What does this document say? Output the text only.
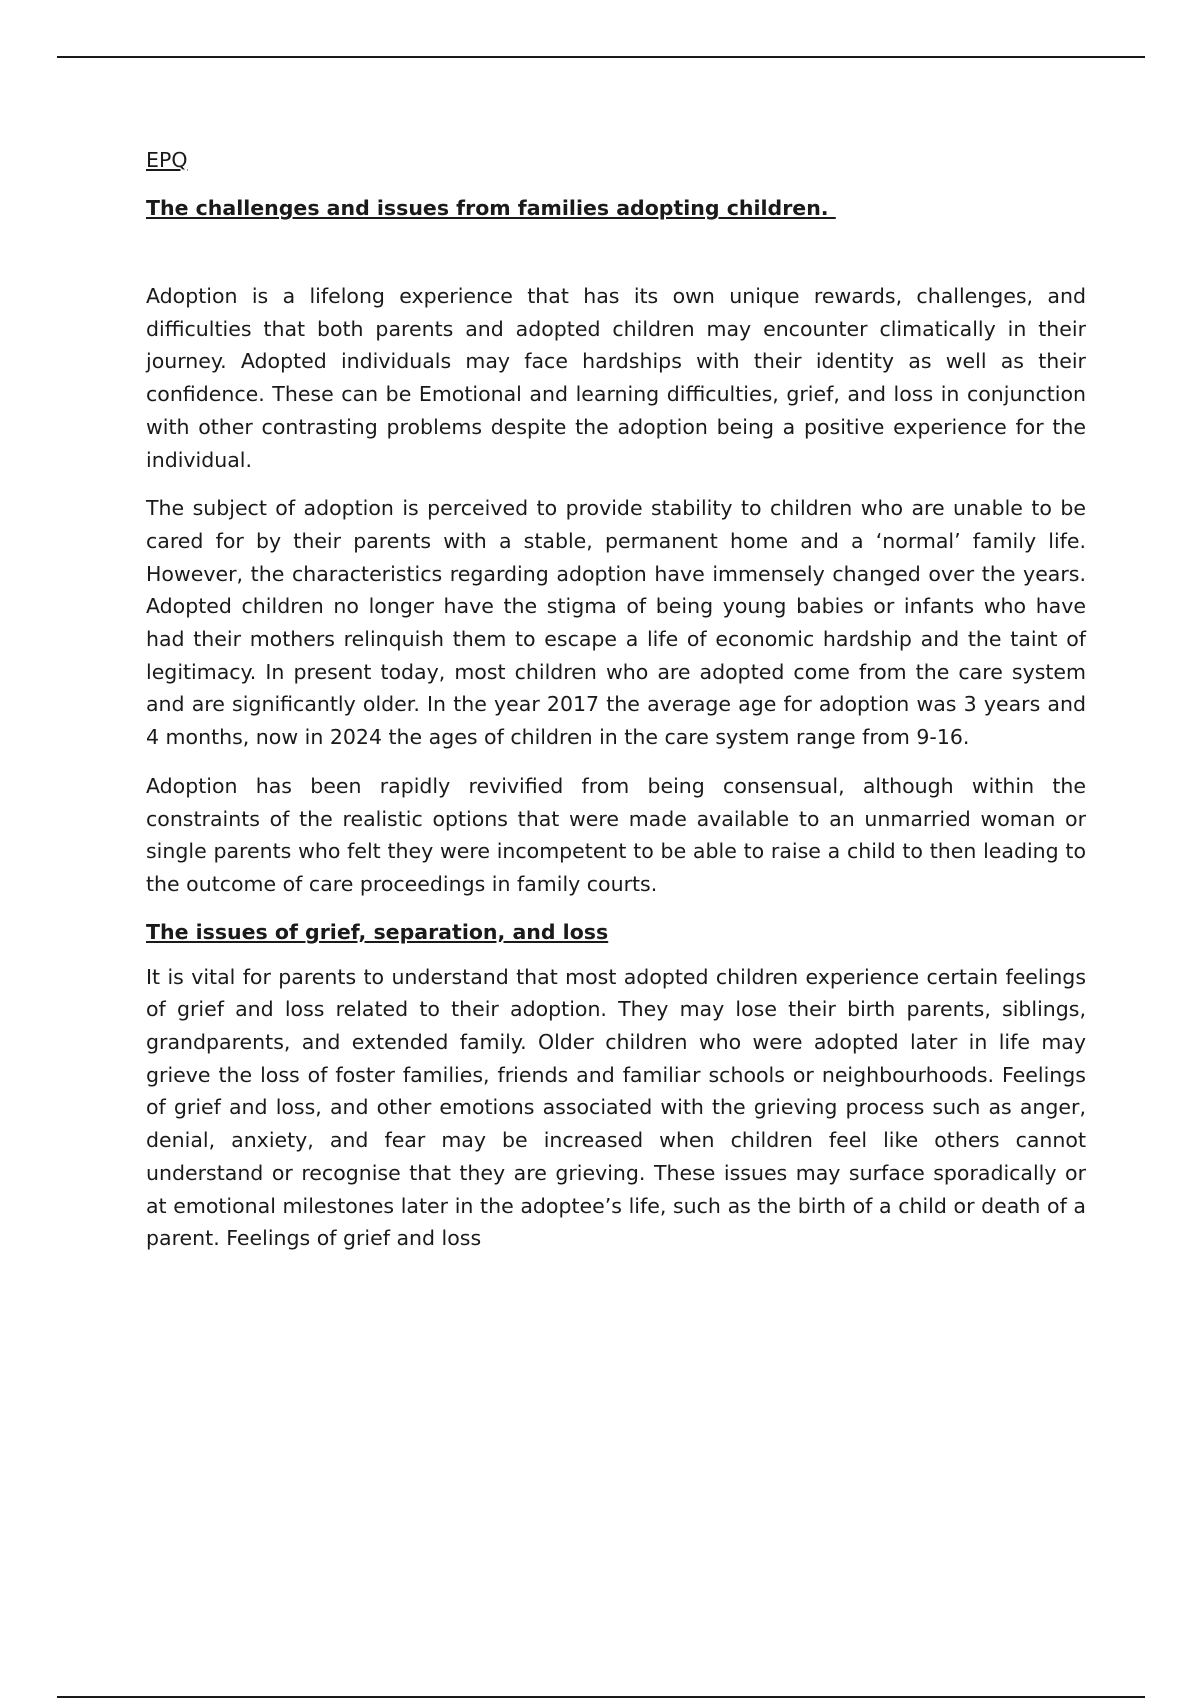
EPQ

The challenges and issues from families adopting children.

Adoption is a lifelong experience that has its own unique rewards, challenges, and difficulties that both parents and adopted children may encounter climatically in their journey. Adopted individuals may face hardships with their identity as well as their confidence. These can be Emotional and learning difficulties, grief, and loss in conjunction with other contrasting problems despite the adoption being a positive experience for the individual.

The subject of adoption is perceived to provide stability to children who are unable to be cared for by their parents with a stable, permanent home and a ‘normal’ family life. However, the characteristics regarding adoption have immensely changed over the years. Adopted children no longer have the stigma of being young babies or infants who have had their mothers relinquish them to escape a life of economic hardship and the taint of legitimacy. In present today, most children who are adopted come from the care system and are significantly older. In the year 2017 the average age for adoption was 3 years and 4 months, now in 2024 the ages of children in the care system range from 9-16.

Adoption has been rapidly revivified from being consensual, although within the constraints of the realistic options that were made available to an unmarried woman or single parents who felt they were incompetent to be able to raise a child to then leading to the outcome of care proceedings in family courts.

The issues of grief, separation, and loss

It is vital for parents to understand that most adopted children experience certain feelings of grief and loss related to their adoption. They may lose their birth parents, siblings, grandparents, and extended family. Older children who were adopted later in life may grieve the loss of foster families, friends and familiar schools or neighbourhoods. Feelings of grief and loss, and other emotions associated with the grieving process such as anger, denial, anxiety, and fear may be increased when children feel like others cannot understand or recognise that they are grieving. These issues may surface sporadically or at emotional milestones later in the adoptee’s life, such as the birth of a child or death of a parent. Feelings of grief and loss
